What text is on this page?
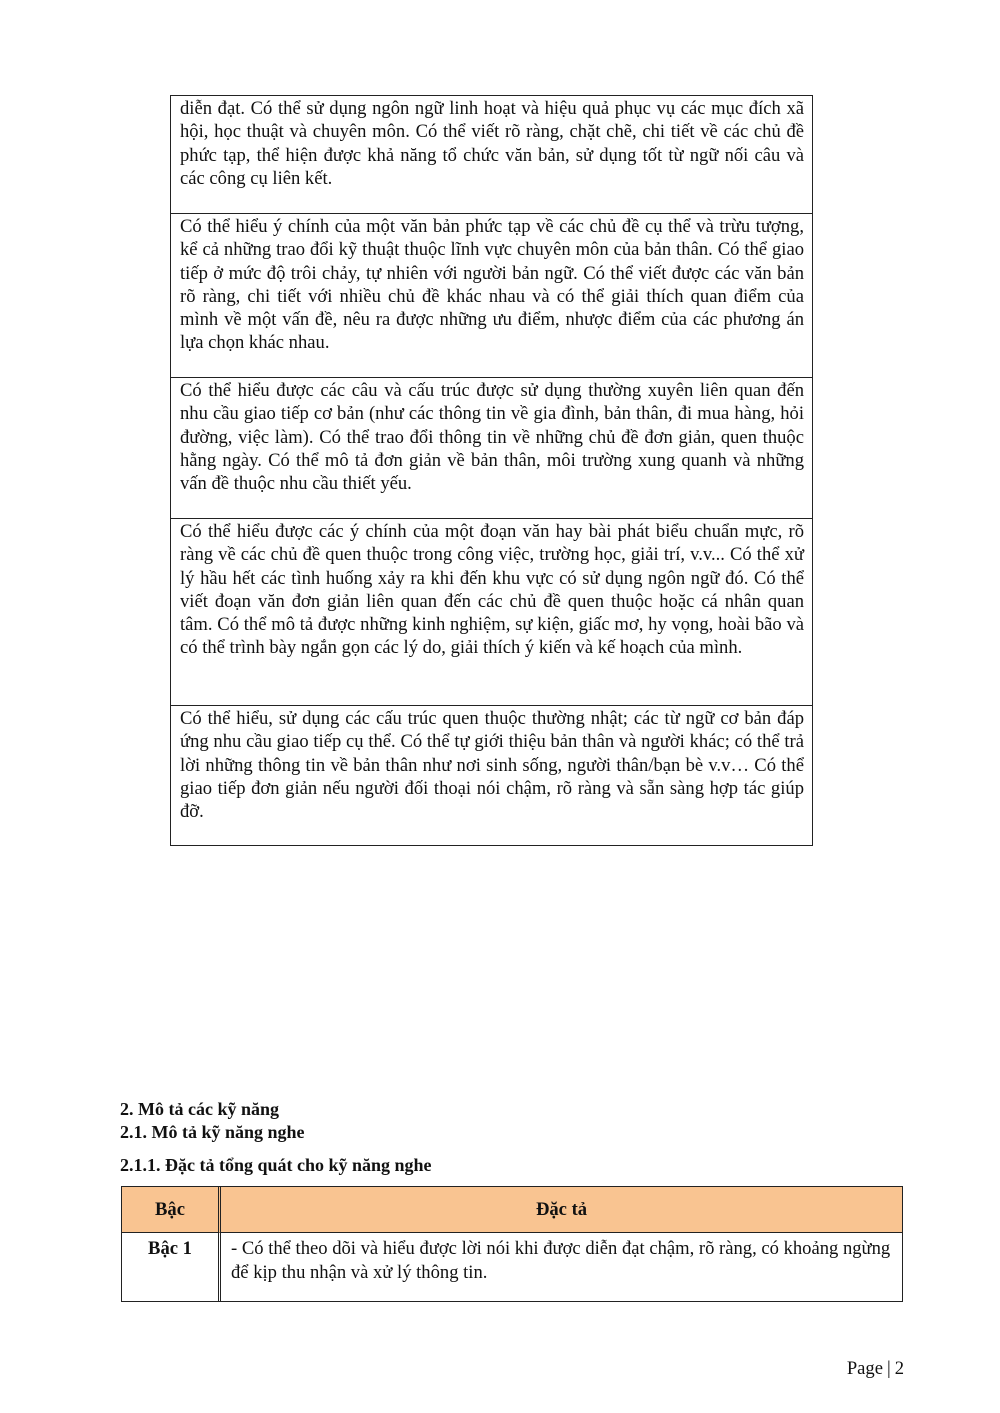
diễn đạt. Có thể sử dụng ngôn ngữ linh hoạt và hiệu quả phục vụ các mục đích xã hội, học thuật và chuyên môn. Có thể viết rõ ràng, chặt chẽ, chi tiết về các chủ đề phức tạp, thể hiện được khả năng tổ chức văn bản, sử dụng tốt từ ngữ nối câu và các công cụ liên kết.
Có thể hiểu ý chính của một văn bản phức tạp về các chủ đề cụ thể và trừu tượng, kể cả những trao đổi kỹ thuật thuộc lĩnh vực chuyên môn của bản thân. Có thể giao tiếp ở mức độ trôi chảy, tự nhiên với người bản ngữ. Có thể viết được các văn bản rõ ràng, chi tiết với nhiều chủ đề khác nhau và có thể giải thích quan điểm của mình về một vấn đề, nêu ra được những ưu điểm, nhược điểm của các phương án lựa chọn khác nhau.
Có thể hiểu được các câu và cấu trúc được sử dụng thường xuyên liên quan đến nhu cầu giao tiếp cơ bản (như các thông tin về gia đình, bản thân, đi mua hàng, hỏi đường, việc làm). Có thể trao đổi thông tin về những chủ đề đơn giản, quen thuộc hằng ngày. Có thể mô tả đơn giản về bản thân, môi trường xung quanh và những vấn đề thuộc nhu cầu thiết yếu.
Có thể hiểu được các ý chính của một đoạn văn hay bài phát biểu chuẩn mực, rõ ràng về các chủ đề quen thuộc trong công việc, trường học, giải trí, v.v... Có thể xử lý hầu hết các tình huống xảy ra khi đến khu vực có sử dụng ngôn ngữ đó. Có thể viết đoạn văn đơn giản liên quan đến các chủ đề quen thuộc hoặc cá nhân quan tâm. Có thể mô tả được những kinh nghiệm, sự kiện, giấc mơ, hy vọng, hoài bão và có thể trình bày ngắn gọn các lý do, giải thích ý kiến và kế hoạch của mình.
Có thể hiểu, sử dụng các cấu trúc quen thuộc thường nhật; các từ ngữ cơ bản đáp ứng nhu cầu giao tiếp cụ thể. Có thể tự giới thiệu bản thân và người khác; có thể trả lời những thông tin về bản thân như nơi sinh sống, người thân/bạn bè v.v… Có thể giao tiếp đơn giản nếu người đối thoại nói chậm, rõ ràng và sẵn sàng hợp tác giúp đỡ.
2. Mô tả các kỹ năng
2.1. Mô tả kỹ năng nghe
2.1.1. Đặc tả tổng quát cho kỹ năng nghe
Bậc	Đặc tả
Bậc 1	- Có thể theo dõi và hiểu được lời nói khi được diễn đạt chậm, rõ ràng, có khoảng ngừng để kịp thu nhận và xử lý thông tin.
Page | 2
